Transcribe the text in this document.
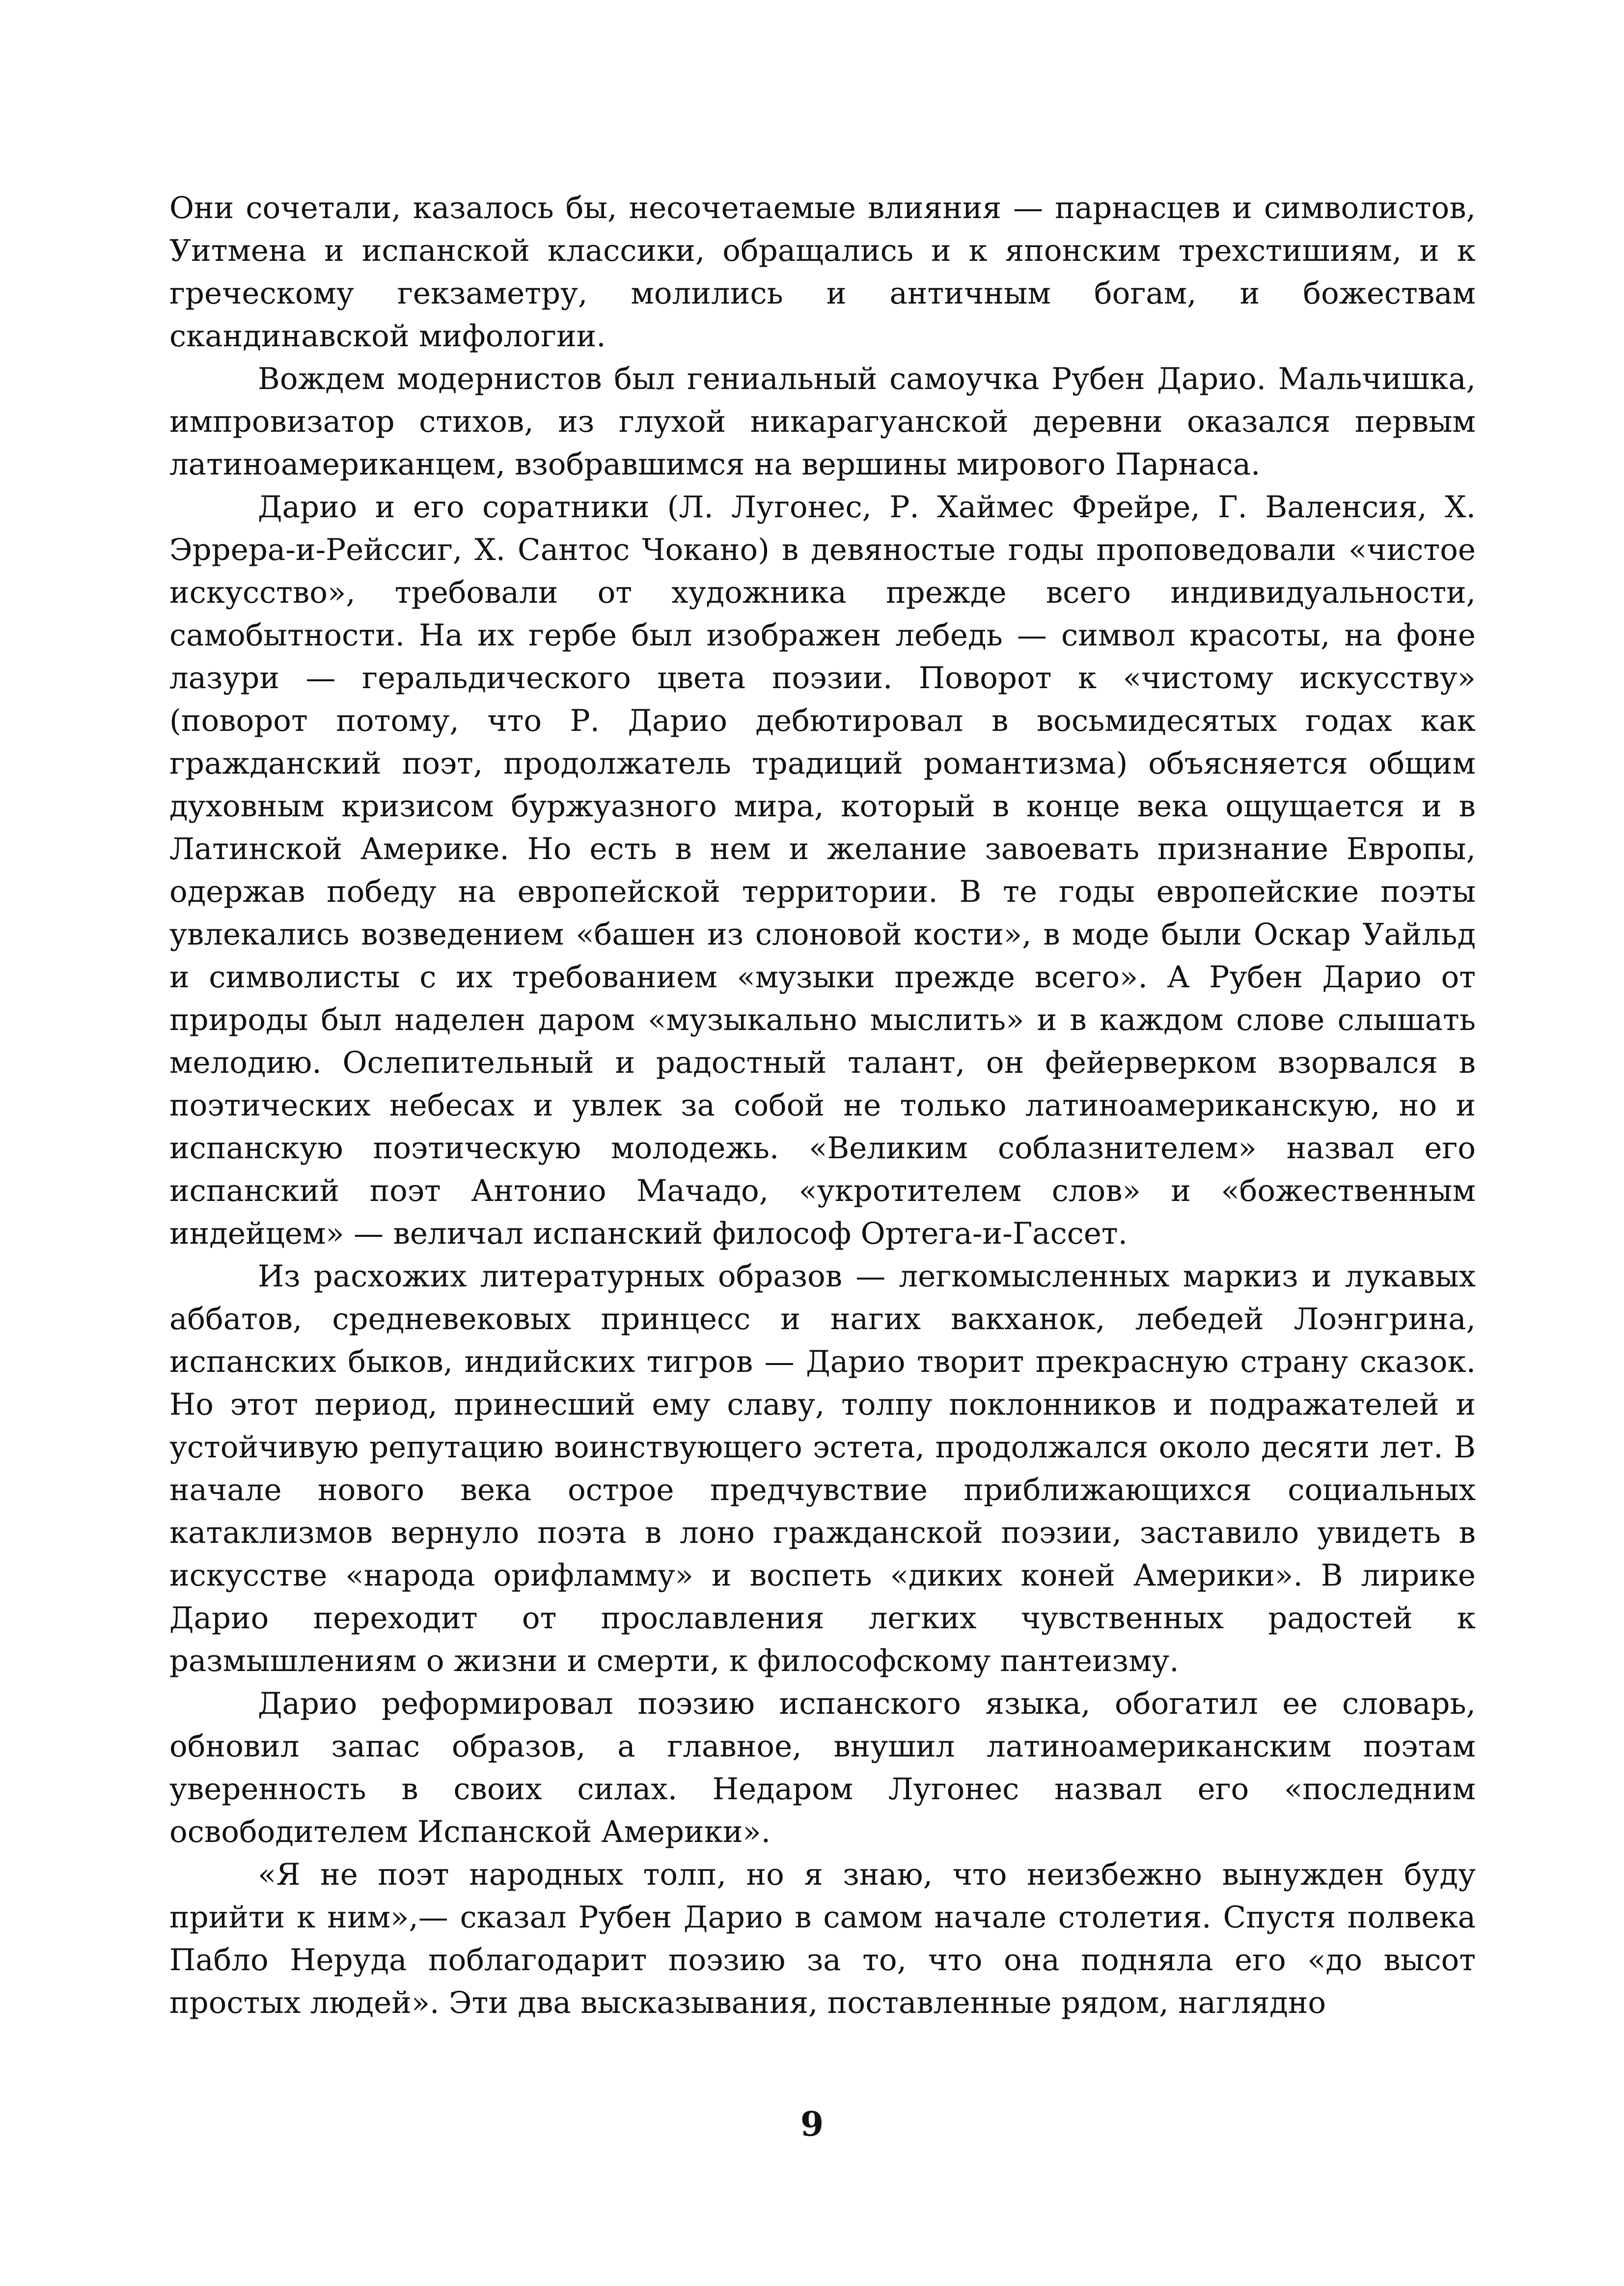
Они сочетали, казалось бы, несочетаемые влияния — парнасцев и символистов, Уитмена и испанской классики, обращались и к японским трехстишиям, и к греческому гекзаметру, молились и античным богам, и божествам скандинавской мифологии.

Вождем модернистов был гениальный самоучка Рубен Дарио. Мальчишка, импровизатор стихов, из глухой никарагуанской деревни оказался первым латиноамериканцем, взобравшимся на вершины мирового Парнаса.

Дарио и его соратники (Л. Лугонес, Р. Хаймес Фрейре, Г. Валенсия, Х. Эррера-и-Рейссиг, Х. Сантос Чокано) в девяностые годы проповедовали «чистое искусство», требовали от художника прежде всего индивидуальности, самобытности. На их гербе был изображен лебедь — символ красоты, на фоне лазури — геральдического цвета поэзии. Поворот к «чистому искусству» (поворот потому, что Р. Дарио дебютировал в восьмидесятых годах как гражданский поэт, продолжатель традиций романтизма) объясняется общим духовным кризисом буржуазного мира, который в конце века ощущается и в Латинской Америке. Но есть в нем и желание завоевать признание Европы, одержав победу на европейской территории. В те годы европейские поэты увлекались возведением «башен из слоновой кости», в моде были Оскар Уайльд и символисты с их требованием «музыки прежде всего». А Рубен Дарио от природы был наделен даром «музыкально мыслить» и в каждом слове слышать мелодию. Ослепительный и радостный талант, он фейерверком взорвался в поэтических небесах и увлек за собой не только латиноамериканскую, но и испанскую поэтическую молодежь. «Великим соблазнителем» назвал его испанский поэт Антонио Мачадо, «укротителем слов» и «божественным индейцем» — величал испанский философ Ортега-и-Гассет.

Из расхожих литературных образов — легкомысленных маркиз и лукавых аббатов, средневековых принцесс и нагих вакханок, лебедей Лоэнгрина, испанских быков, индийских тигров — Дарио творит прекрасную страну сказок. Но этот период, принесший ему славу, толпу поклонников и подражателей и устойчивую репутацию воинствующего эстета, продолжался около десяти лет. В начале нового века острое предчувствие приближающихся социальных катаклизмов вернуло поэта в лоно гражданской поэзии, заставило увидеть в искусстве «народа орифламму» и воспеть «диких коней Америки». В лирике Дарио переходит от прославления легких чувственных радостей к размышлениям о жизни и смерти, к философскому пантеизму.

Дарио реформировал поэзию испанского языка, обогатил ее словарь, обновил запас образов, а главное, внушил латиноамериканским поэтам уверенность в своих силах. Недаром Лугонес назвал его «последним освободителем Испанской Америки».

«Я не поэт народных толп, но я знаю, что неизбежно вынужден буду прийти к ним»,— сказал Рубен Дарио в самом начале столетия. Спустя полвека Пабло Неруда поблагодарит поэзию за то, что она подняла его «до высот простых людей». Эти два высказывания, поставленные рядом, наглядно

9
